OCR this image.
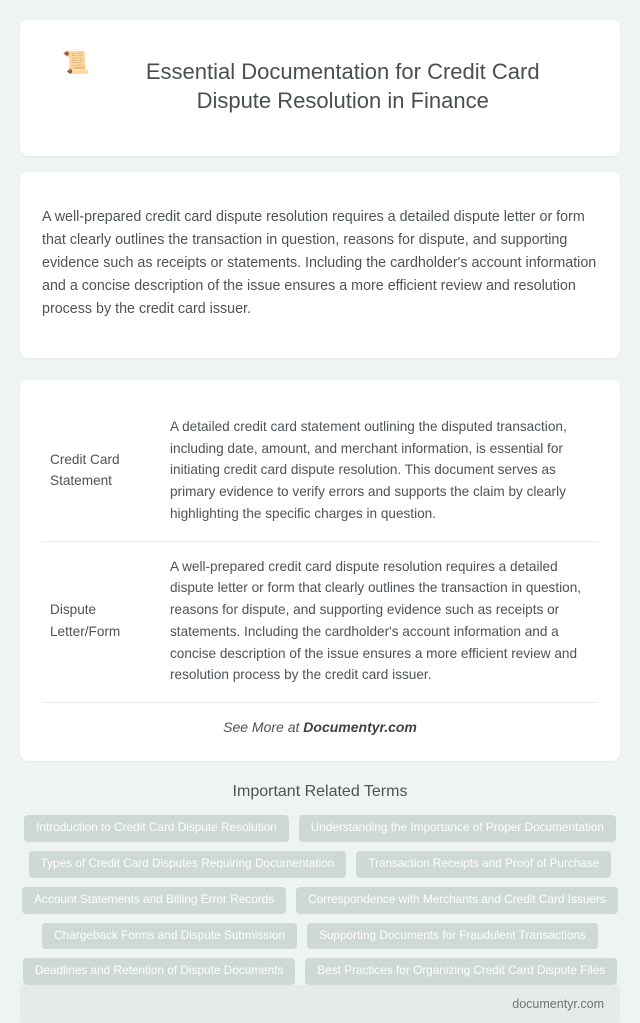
📜	Essential Documentation for Credit Card Dispute Resolution in Finance

A well-prepared credit card dispute resolution requires a detailed dispute letter or form that clearly outlines the transaction in question, reasons for dispute, and supporting evidence such as receipts or statements. Including the cardholder's account information and a concise description of the issue ensures a more efficient review and resolution process by the credit card issuer.

Credit Card Statement	A detailed credit card statement outlining the disputed transaction, including date, amount, and merchant information, is essential for initiating credit card dispute resolution. This document serves as primary evidence to verify errors and supports the claim by clearly highlighting the specific charges in question.
Dispute Letter/Form	A well-prepared credit card dispute resolution requires a detailed dispute letter or form that clearly outlines the transaction in question, reasons for dispute, and supporting evidence such as receipts or statements. Including the cardholder's account information and a concise description of the issue ensures a more efficient review and resolution process by the credit card issuer.
See More at Documentyr.com
Important Related Terms
Introduction to Credit Card Dispute Resolution	Understanding the Importance of Proper Documentation
Types of Credit Card Disputes Requiring Documentation	Transaction Receipts and Proof of Purchase
Account Statements and Billing Error Records	Correspondence with Merchants and Credit Card Issuers
Chargeback Forms and Dispute Submission	Supporting Documents for Fraudulent Transactions
Deadlines and Retention of Dispute Documents	Best Practices for Organizing Credit Card Dispute Files
documentyr.com
